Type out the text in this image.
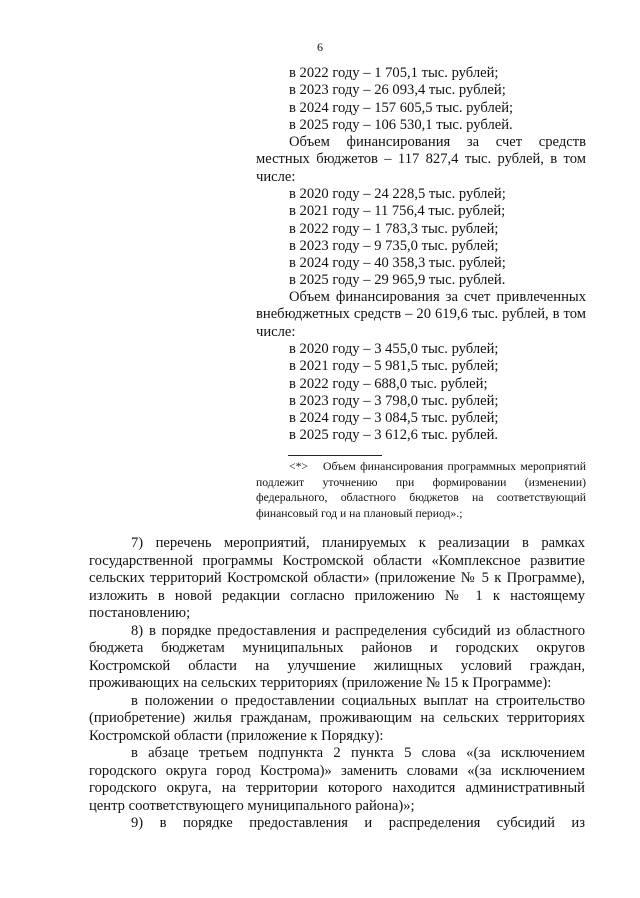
6
в 2022 году – 1 705,1 тыс. рублей;
в 2023 году – 26 093,4 тыс. рублей;
в 2024 году – 157 605,5 тыс. рублей;
в 2025 году – 106 530,1 тыс. рублей.
Объем финансирования за счет средств местных бюджетов – 117 827,4 тыс. рублей, в том числе:
в 2020 году – 24 228,5 тыс. рублей;
в 2021 году – 11 756,4 тыс. рублей;
в 2022 году – 1 783,3 тыс. рублей;
в 2023 году – 9 735,0 тыс. рублей;
в 2024 году – 40 358,3 тыс. рублей;
в 2025 году – 29 965,9 тыс. рублей.
Объем финансирования за счет привлеченных внебюджетных средств – 20 619,6 тыс. рублей, в том числе:
в 2020 году – 3 455,0 тыс. рублей;
в 2021 году – 5 981,5 тыс. рублей;
в 2022 году – 688,0 тыс. рублей;
в 2023 году – 3 798,0 тыс. рублей;
в 2024 году – 3 084,5 тыс. рублей;
в 2025 году – 3 612,6 тыс. рублей.
<*> Объем финансирования программных мероприятий подлежит уточнению при формировании (изменении) федерального, областного бюджетов на соответствующий финансовый год и на плановый период».;

7) перечень мероприятий, планируемых к реализации в рамках государственной программы Костромской области «Комплексное развитие сельских территорий Костромской области» (приложение № 5 к Программе), изложить в новой редакции согласно приложению № 1 к настоящему постановлению;

8) в порядке предоставления и распределения субсидий из областного бюджета бюджетам муниципальных районов и городских округов Костромской области на улучшение жилищных условий граждан, проживающих на сельских территориях (приложение № 15 к Программе):

в положении о предоставлении социальных выплат на строительство (приобретение) жилья гражданам, проживающим на сельских территориях Костромской области (приложение к Порядку):

в абзаце третьем подпункта 2 пункта 5 слова «(за исключением городского округа город Кострома)» заменить словами «(за исключением городского округа, на территории которого находится административный центр соответствующего муниципального района)»;

9) в порядке предоставления и распределения субсидий из
